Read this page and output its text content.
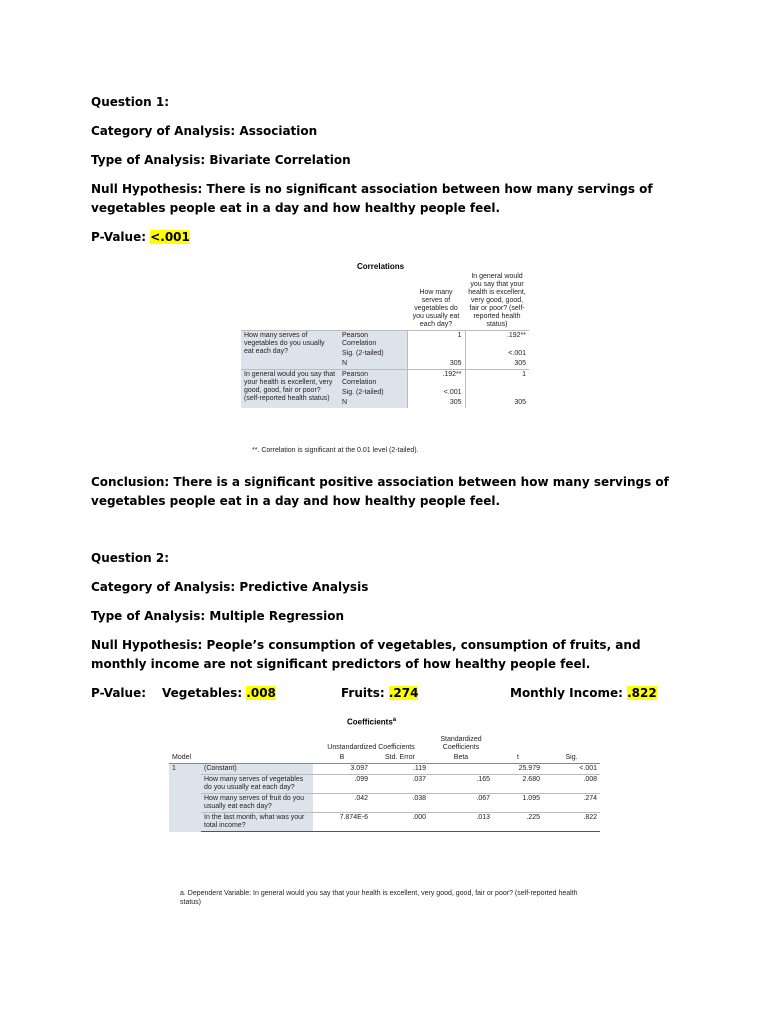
Question 1:

Category of Analysis: Association

Type of Analysis: Bivariate Correlation

Null Hypothesis: There is no significant association between how many servings of vegetables people eat in a day and how healthy people feel.

P-Value: <.001

Correlations
		How many serves of vegetables do you usually eat each day?	In general would you say that your health is excellent, very good, good, fair or poor? (self-reported health status)
How many serves of vegetables do you usually eat each day?	Pearson Correlation	1	.192**
	Sig. (2-tailed)		<.001
	N	305	305
In general would you say that your health is excellent, very good, good, fair or poor? (self-reported health status)	Pearson Correlation	.192**	1
	Sig. (2-tailed)	<.001	
	N	305	305
**. Correlation is significant at the 0.01 level (2-tailed).

Conclusion: There is a significant positive association between how many servings of vegetables people eat in a day and how healthy people feel.

Question 2:

Category of Analysis: Predictive Analysis

Type of Analysis: Multiple Regression

Null Hypothesis: People’s consumption of vegetables, consumption of fruits, and monthly income are not significant predictors of how healthy people feel.

P-Value:	Vegetables: .008	Fruits: .274	Monthly Income: .822

Coefficients$^a$
		Unstandardized Coefficients		Standardized Coefficients		
Model		B	Std. Error	Beta	t	Sig.
1	(Constant)	3.097	.119		25.979	<.001
	How many serves of vegetables do you usually eat each day?	.099	.037	.165	2.680	.008
	How many serves of fruit do you usually eat each day?	.042	.038	.067	1.095	.274
	In the last month, what was your total income?	7.874E-6	.000	.013	.225	.822
a. Dependent Variable: In general would you say that your health is excellent, very good, good, fair or poor? (self-reported health status)
